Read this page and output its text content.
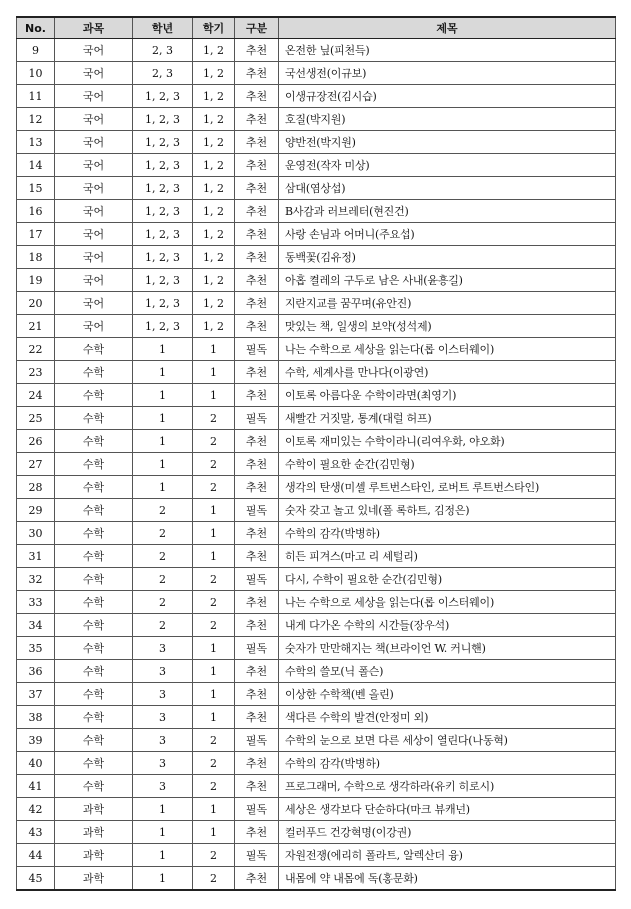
No.	과목	학년	학기	구분	제목
9	국어	2, 3	1, 2	추천	온전한 닢(피천득)
10	국어	2, 3	1, 2	추천	국선생전(이규보)
11	국어	1, 2, 3	1, 2	추천	이생규장전(김시습)
12	국어	1, 2, 3	1, 2	추천	호질(박지원)
13	국어	1, 2, 3	1, 2	추천	양반전(박지원)
14	국어	1, 2, 3	1, 2	추천	운영전(작자 미상)
15	국어	1, 2, 3	1, 2	추천	삼대(염상섭)
16	국어	1, 2, 3	1, 2	추천	B사감과 러브레터(현진건)
17	국어	1, 2, 3	1, 2	추천	사랑 손님과 어머니(주요섭)
18	국어	1, 2, 3	1, 2	추천	동백꽃(김유정)
19	국어	1, 2, 3	1, 2	추천	아홉 켤레의 구두로 남은 사내(윤흥길)
20	국어	1, 2, 3	1, 2	추천	지란지교를 꿈꾸며(유안진)
21	국어	1, 2, 3	1, 2	추천	맛있는 책, 일생의 보약(성석제)
22	수학	1	1	필독	나는 수학으로 세상을 읽는다(롭 이스터웨이)
23	수학	1	1	추천	수학, 세계사를 만나다(이광연)
24	수학	1	1	추천	이토록 아름다운 수학이라면(최영기)
25	수학	1	2	필독	새빨간 거짓말, 통계(대럴 허프)
26	수학	1	2	추천	이토록 재미있는 수학이라니(리여우화, 야오화)
27	수학	1	2	추천	수학이 필요한 순간(김민형)
28	수학	1	2	추천	생각의 탄생(미셸 루트번스타인, 로버트 루트번스타인)
29	수학	2	1	필독	숫자 갖고 놀고 있네(폴 록하트, 김정은)
30	수학	2	1	추천	수학의 감각(박병하)
31	수학	2	1	추천	히든 피겨스(마고 리 셰털리)
32	수학	2	2	필독	다시, 수학이 필요한 순간(김민형)
33	수학	2	2	추천	나는 수학으로 세상을 읽는다(롭 이스터웨이)
34	수학	2	2	추천	내게 다가온 수학의 시간들(장우석)
35	수학	3	1	필독	숫자가 만만해지는 책(브라이언 W. 커니핸)
36	수학	3	1	추천	수학의 쓸모(닉 폴슨)
37	수학	3	1	추천	이상한 수학책(벤 올린)
38	수학	3	1	추천	색다른 수학의 발견(안정미 외)
39	수학	3	2	필독	수학의 눈으로 보면 다른 세상이 열린다(나동혁)
40	수학	3	2	추천	수학의 감각(박병하)
41	수학	3	2	추천	프로그래머, 수학으로 생각하라(유키 히로시)
42	과학	1	1	필독	세상은 생각보다 단순하다(마크 뷰캐넌)
43	과학	1	1	추천	컬러푸드 건강혁명(이강권)
44	과학	1	2	필독	자원전쟁(에리히 폴라트, 알렉산더 융)
45	과학	1	2	추천	내몸에 약 내몸에 독(홍문화)
